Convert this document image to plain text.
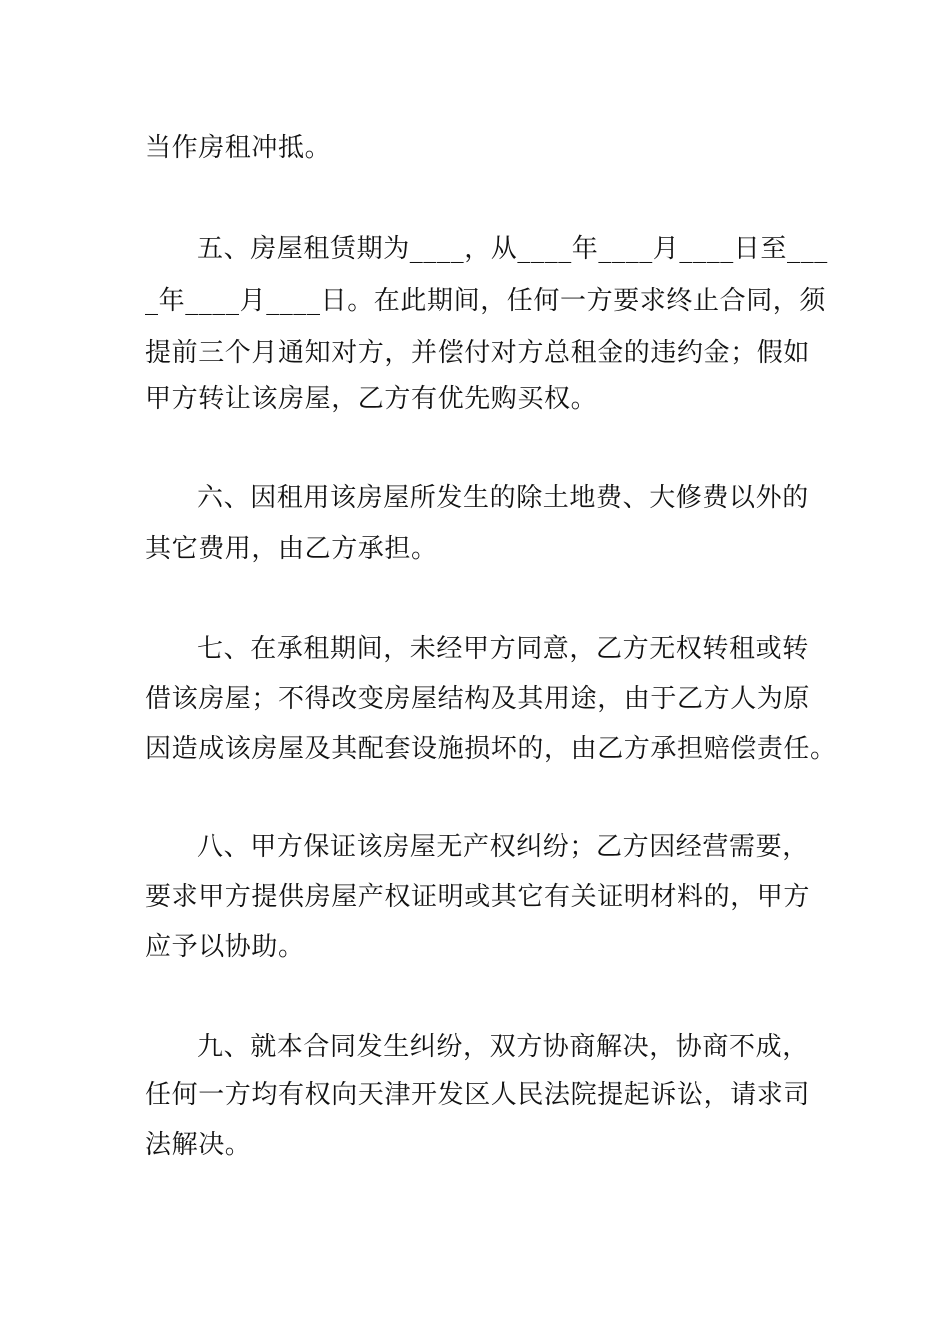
当作房租冲抵。
五、房屋租赁期为____，从____年____月____日至___
_年____月____日。在此期间，任何一方要求终止合同，须
提前三个月通知对方，并偿付对方总租金的违约金；假如
甲方转让该房屋，乙方有优先购买权。
六、因租用该房屋所发生的除土地费、大修费以外的
其它费用，由乙方承担。
七、在承租期间，未经甲方同意，乙方无权转租或转
借该房屋；不得改变房屋结构及其用途，由于乙方人为原
因造成该房屋及其配套设施损坏的，由乙方承担赔偿责任。
八、甲方保证该房屋无产权纠纷；乙方因经营需要，
要求甲方提供房屋产权证明或其它有关证明材料的，甲方
应予以协助。
九、就本合同发生纠纷，双方协商解决，协商不成，
任何一方均有权向天津开发区人民法院提起诉讼，请求司
法解决。
